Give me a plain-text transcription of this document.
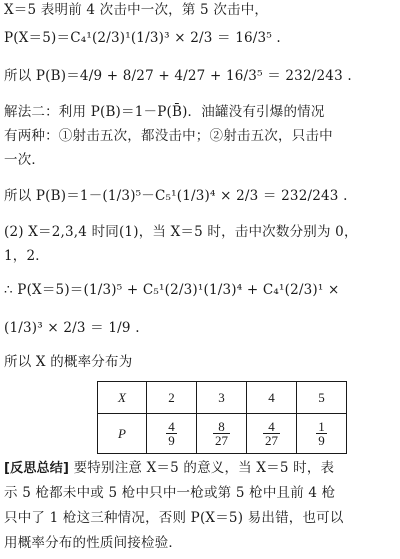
X＝5 表明前 4 次击中一次，第 5 次击中，
P(X＝5)＝C₄¹(2/3)¹(1/3)³ × 2/3 ＝ 16/3⁵ .
所以 P(B)＝4/9 + 8/27 + 4/27 + 16/3⁵ ＝ 232/243 .
解法二：利用 P(B)＝1－P(B̄)．油罐没有引爆的情况
有两种：①射击五次，都没击中；②射击五次，只击中
一次．
所以 P(B)＝1－(1/3)⁵－C₅¹(1/3)⁴ × 2/3 ＝ 232/243 .
(2) X＝2,3,4 时同(1)，当 X＝5 时，击中次数分别为 0，
1，2．
∴ P(X＝5)＝(1/3)⁵ + C₅¹(2/3)¹(1/3)⁴ + C₄¹(2/3)¹ ×
(1/3)³ × 2/3 ＝ 1/9 .
所以 X 的概率分布为
X	2	3	4	5
P	$\frac{4}{9}$	$\frac{8}{27}$	$\frac{4}{27}$	$\frac{1}{9}$
[反思总结] 要特别注意 X＝5 的意义，当 X＝5 时，表
示 5 枪都未中或 5 枪中只中一枪或第 5 枪中且前 4 枪
只中了 1 枪这三种情况，否则 P(X＝5) 易出错，也可以
用概率分布的性质间接检验．
